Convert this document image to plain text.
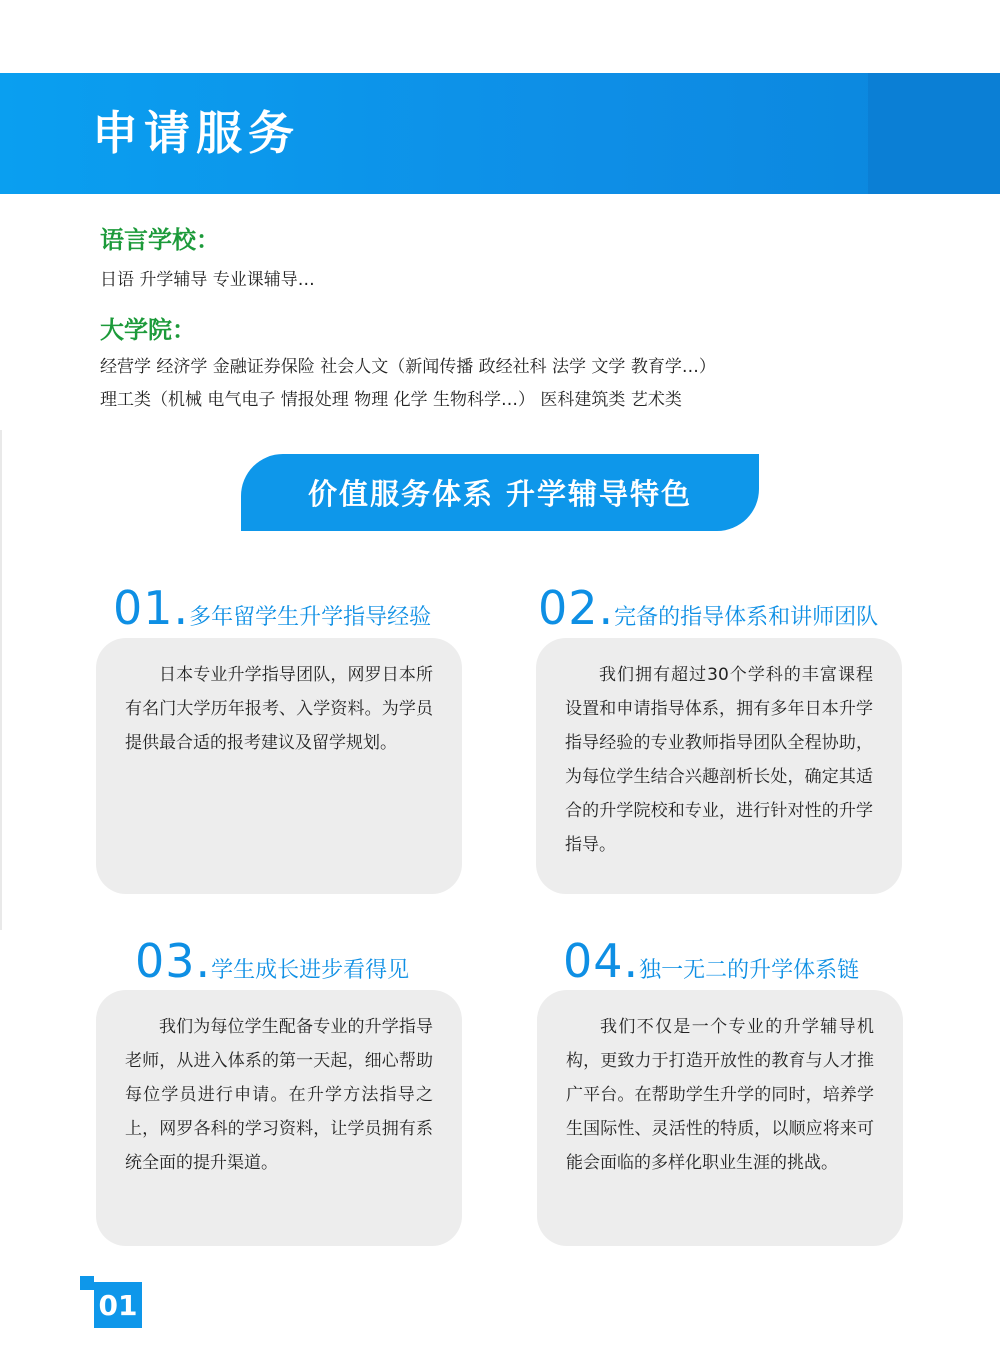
申请服务
语言学校：
日语 升学辅导 专业课辅导…
大学院：
经营学 经济学 金融证券保险 社会人文（新闻传播 政经社科 法学 文学 教育学…）
理工类（机械 电气电子 情报处理 物理 化学 生物科学…） 医科建筑类 艺术类
价值服务体系 升学辅导特色
01. 多年留学生升学指导经验
日本专业升学指导团队，网罗日本所有名门大学历年报考、入学资料。为学员提供最合适的报考建议及留学规划。
02. 完备的指导体系和讲师团队
我们拥有超过30个学科的丰富课程设置和申请指导体系，拥有多年日本升学指导经验的专业教师指导团队全程协助，为每位学生结合兴趣剖析长处，确定其适合的升学院校和专业，进行针对性的升学指导。
03. 学生成长进步看得见
我们为每位学生配备专业的升学指导老师，从进入体系的第一天起，细心帮助每位学员进行申请。在升学方法指导之上，网罗各科的学习资料，让学员拥有系统全面的提升渠道。
04. 独一无二的升学体系链
我们不仅是一个专业的升学辅导机构，更致力于打造开放性的教育与人才推广平台。在帮助学生升学的同时，培养学生国际性、灵活性的特质，以顺应将来可能会面临的多样化职业生涯的挑战。
01
